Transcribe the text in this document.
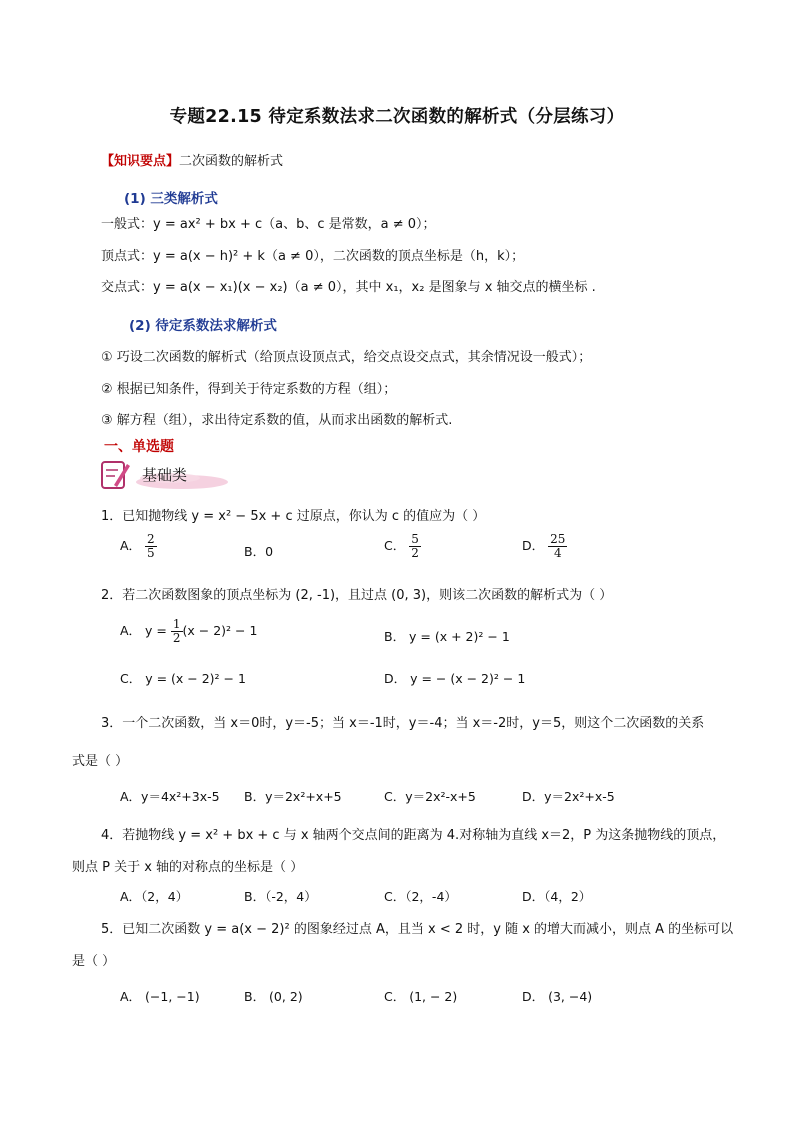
专题22.15 待定系数法求二次函数的解析式（分层练习）
【知识要点】二次函数的解析式
(1) 三类解析式
一般式：y = ax² + bx + c（a、b、c 是常数，a ≠ 0）；
顶点式：y = a(x − h)² + k（a ≠ 0），二次函数的顶点坐标是（h，k）；
交点式：y = a(x − x₁)(x − x₂)（a ≠ 0），其中 x₁，x₂ 是图象与 x 轴交点的横坐标 .
(2) 待定系数法求解析式
① 巧设二次函数的解析式（给顶点设顶点式，给交点设交点式，其余情况设一般式）；
② 根据已知条件，得到关于待定系数的方程（组）；
③ 解方程（组），求出待定系数的值，从而求出函数的解析式.
一、单选题
基础类
1．已知抛物线 y = x² − 5x + c 过原点，你认为 c 的值应为（ ）
A． $\frac{2}{5}$	B．0	C． $\frac{5}{2}$	D． $\frac{25}{4}$
2．若二次函数图象的顶点坐标为 (2, -1)，且过点 (0, 3)，则该二次函数的解析式为（ ）
A． $y = \frac{1}{2} (x - 2)^2 - 1$	B． y = (x + 2)² − 1
C． y = (x − 2)² − 1	D． y = − (x − 2)² − 1
3．一个二次函数，当 x＝0时，y＝-5；当 x＝-1时，y＝-4；当 x＝-2时，y＝5，则这个二次函数的关系
式是（ ）
A．y＝4x²+3x-5 B．y＝2x²+x+5	C．y＝2x²-x+5	D．y＝2x²+x-5
4．若抛物线 y = x² + bx + c 与 x 轴两个交点间的距离为 4.对称轴为直线 x＝2，P 为这条抛物线的顶点，
则点 P 关于 x 轴的对称点的坐标是（ ）
A．（2，4）	B．（-2，4）	C．（2，-4）	D．（4，2）
5．已知二次函数 y = a(x − 2)² 的图象经过点 A，且当 x < 2 时，y 随 x 的增大而减小，则点 A 的坐标可以
是（ ）
A． (−1, −1)	B． (0, 2)	C． (1, − 2)	D． (3, −4)
